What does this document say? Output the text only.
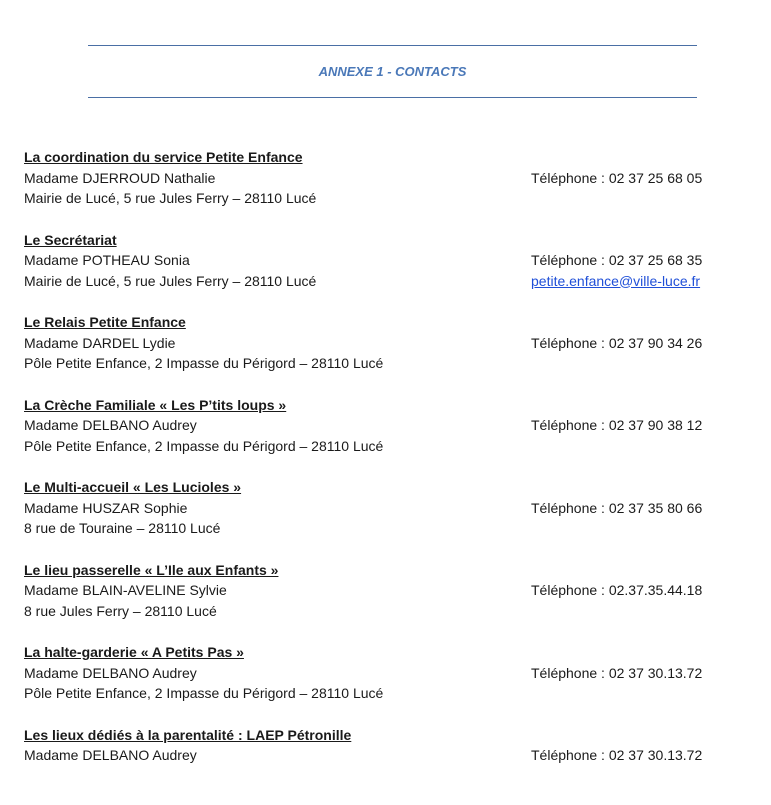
ANNEXE 1 - CONTACTS
La coordination du service Petite Enfance
Madame DJERROUD Nathalie	Téléphone : 02 37 25 68 05
Mairie de Lucé, 5 rue Jules Ferry – 28110 Lucé
Le Secrétariat
Madame POTHEAU Sonia	Téléphone : 02 37 25 68 35
Mairie de Lucé, 5 rue Jules Ferry – 28110 Lucé	petite.enfance@ville-luce.fr
Le Relais Petite Enfance
Madame DARDEL Lydie	Téléphone : 02 37 90 34 26
Pôle Petite Enfance, 2 Impasse du Périgord – 28110 Lucé
La Crèche Familiale « Les P’tits loups »
Madame DELBANO Audrey	Téléphone : 02 37 90 38 12
Pôle Petite Enfance, 2 Impasse du Périgord – 28110 Lucé
Le Multi-accueil « Les Lucioles »
Madame HUSZAR Sophie	Téléphone : 02 37 35 80 66
8 rue de Touraine – 28110 Lucé
Le lieu passerelle « L’Ile aux Enfants »
Madame BLAIN-AVELINE Sylvie	Téléphone : 02.37.35.44.18
8 rue Jules Ferry – 28110 Lucé
La halte-garderie « A Petits Pas »
Madame DELBANO Audrey	Téléphone : 02 37 30.13.72
Pôle Petite Enfance, 2 Impasse du Périgord – 28110 Lucé
Les lieux dédiés à la parentalité : LAEP Pétronille
Madame DELBANO Audrey	Téléphone : 02 37 30.13.72
